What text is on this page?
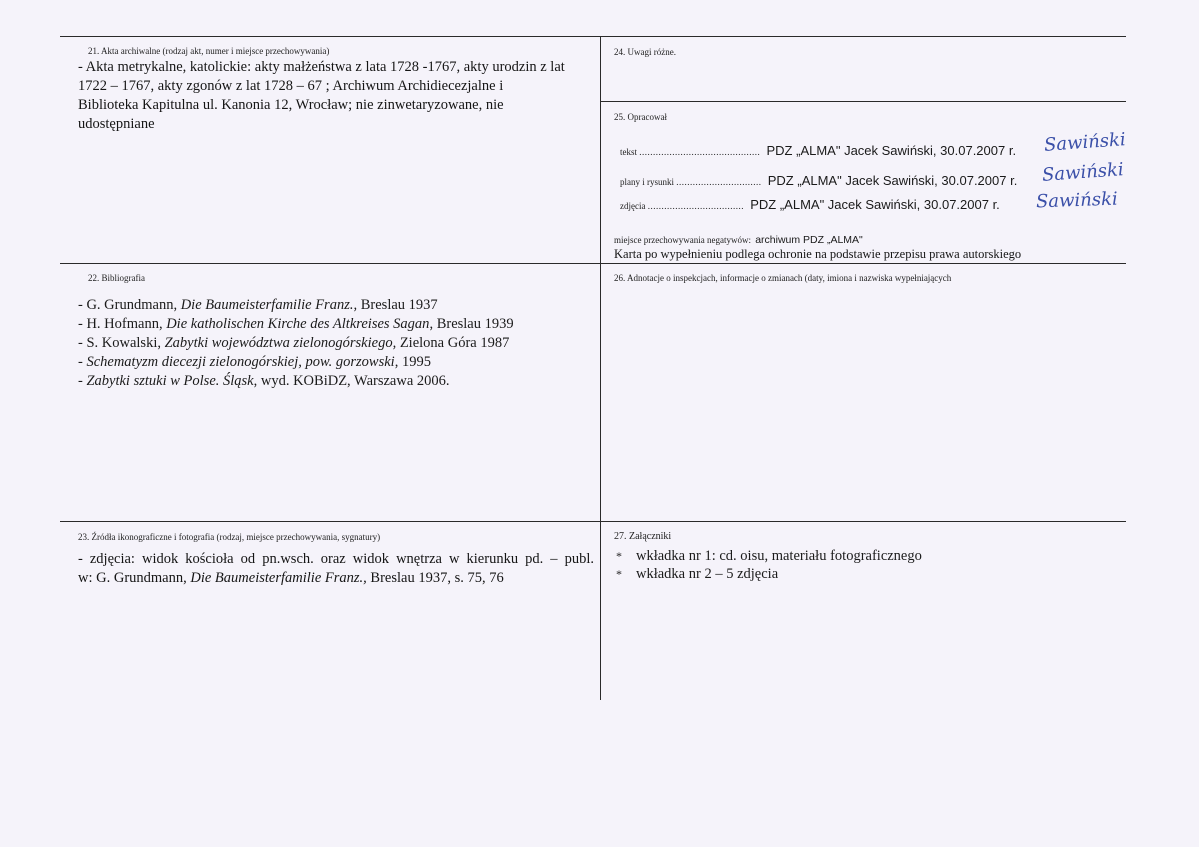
21. Akta archiwalne (rodzaj akt, numer i miejsce przechowywania)

- Akta metrykalne, katolickie: akty małżeństwa z lata 1728 -1767, akty urodzin z lat

1722 – 1767, akty zgonów z lat 1728 – 67 ; Archiwum Archidiecezjalne i

Biblioteka Kapitulna ul. Kanonia 12, Wrocław; nie zinwetaryzowane, nie

udostępniane

24. Uwagi różne.
25. Opracował
tekst ............................................ PDZ „ALMA" Jacek Sawiński, 30.07.2007 r.
plany i rysunki ............................... PDZ „ALMA" Jacek Sawiński, 30.07.2007 r.
zdjęcia ................................... PDZ „ALMA" Jacek Sawiński, 30.07.2007 r.
Sawiński
Sawiński
Sawiński
miejsce przechowywania negatywów: archiwum PDZ „ALMA"
Karta po wypełnieniu podlega ochronie na podstawie przepisu prawa autorskiego
22. Bibliografia
- G. Grundmann, Die Baumeisterfamilie Franz., Breslau 1937
- H. Hofmann, Die katholischen Kirche des Altkreises Sagan, Breslau 1939
- S. Kowalski, Zabytki województwa zielonogórskiego, Zielona Góra 1987
- Schematyzm diecezji zielonogórskiej, pow. gorzowski, 1995
- Zabytki sztuki w Polse. Śląsk, wyd. KOBiDZ, Warszawa 2006.
26. Adnotacje o inspekcjach, informacje o zmianach (daty, imiona i nazwiska wypełniających
23. Źródła ikonograficzne i fotografia (rodzaj, miejsce przechowywania, sygnatury)

- zdjęcia: widok kościoła od pn.wsch. oraz widok wnętrza w kierunku pd. – publ.

w: G. Grundmann, Die Baumeisterfamilie Franz., Breslau 1937, s. 75, 76

27. Załączniki
* wkładka nr 1: cd. oisu, materiału fotograficznego
* wkładka nr 2 – 5 zdjęcia
